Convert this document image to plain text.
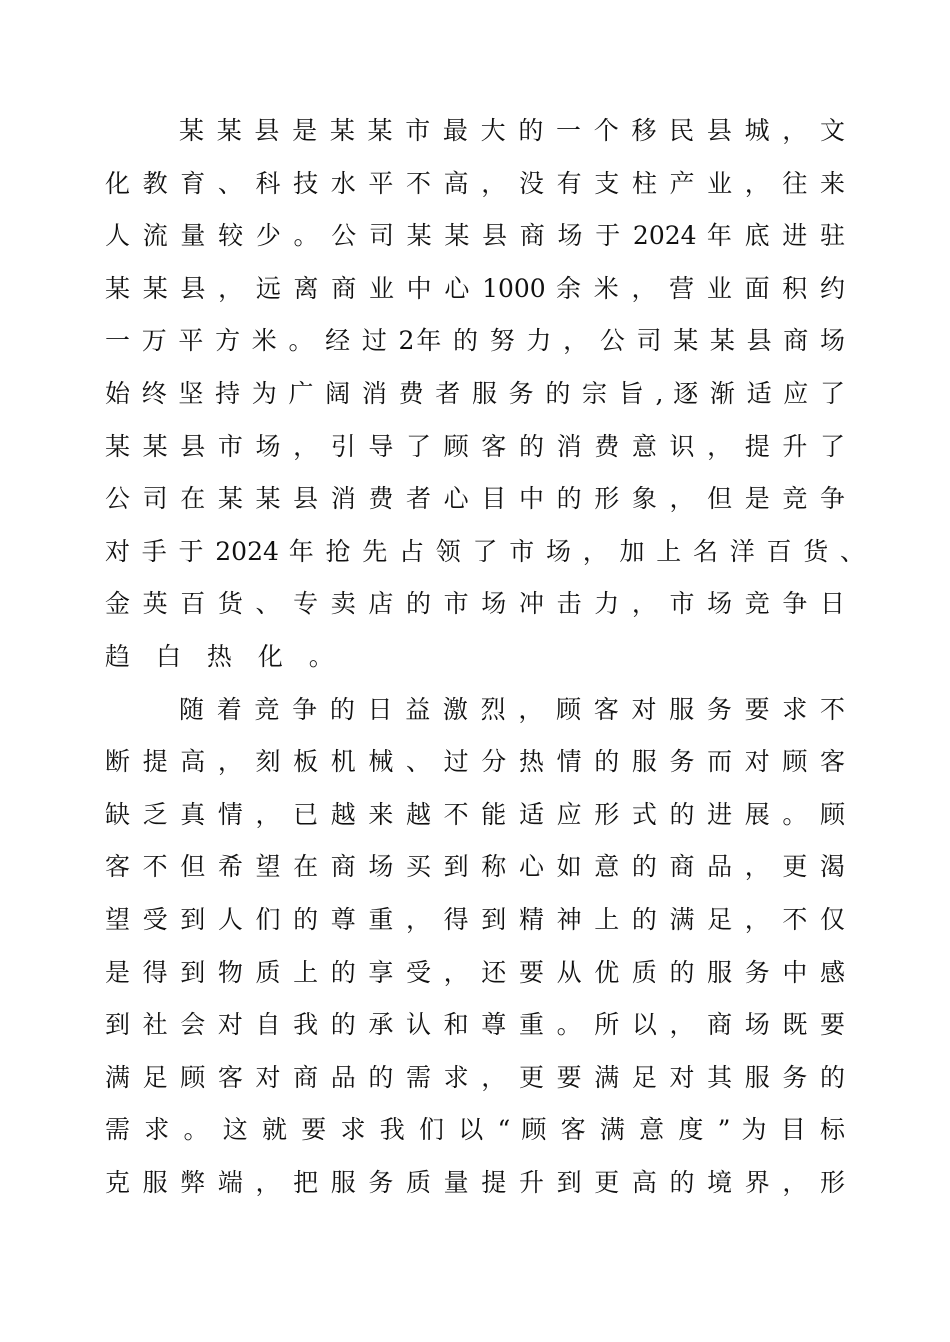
某 某 县 是 某 某 市 最 大 的 一 个 移 民 县 城 ， 文
化 教 育 、 科 技 水 平 不 高 ， 没 有 支 柱 产 业 ， 往 来
人 流 量 较 少 。 公 司 某 某 县 商 场 于 2024 年 底 进 驻
某 某 县 ， 远 离 商 业 中 心 1000 余 米 ， 营 业 面 积 约
一 万 平 方 米 。 经 过 2年 的 努 力 ， 公 司 某 某 县 商 场
始 终 坚 持 为 广 阔 消 费 者 服 务 的 宗 旨 , 逐 渐 适 应 了
某 某 县 市 场 ， 引 导 了 顾 客 的 消 费 意 识 ， 提 升 了
公 司 在 某 某 县 消 费 者 心 目 中 的 形 象 ， 但 是 竞 争
对 手 于 2024 年 抢 先 占 领 了 市 场 ， 加 上 名 洋 百 货 、
金 英 百 货 、 专 卖 店 的 市 场 冲 击 力 ， 市 场 竞 争 日
趋 白 热 化 。
随 着 竞 争 的 日 益 激 烈 ， 顾 客 对 服 务 要 求 不
断 提 高 ， 刻 板 机 械 、 过 分 热 情 的 服 务 而 对 顾 客
缺 乏 真 情 ， 已 越 来 越 不 能 适 应 形 式 的 进 展 。 顾
客 不 但 希 望 在 商 场 买 到 称 心 如 意 的 商 品 ， 更 渴
望 受 到 人 们 的 尊 重 ， 得 到 精 神 上 的 满 足 ， 不 仅
是 得 到 物 质 上 的 享 受 ， 还 要 从 优 质 的 服 务 中 感
到 社 会 对 自 我 的 承 认 和 尊 重 。 所 以 ， 商 场 既 要
满 足 顾 客 对 商 品 的 需 求 ， 更 要 满 足 对 其 服 务 的
需 求 。 这 就 要 求 我 们 以 “ 顾 客 满 意 度 ” 为 目 标
克 服 弊 端 ， 把 服 务 质 量 提 升 到 更 高 的 境 界 ， 形
